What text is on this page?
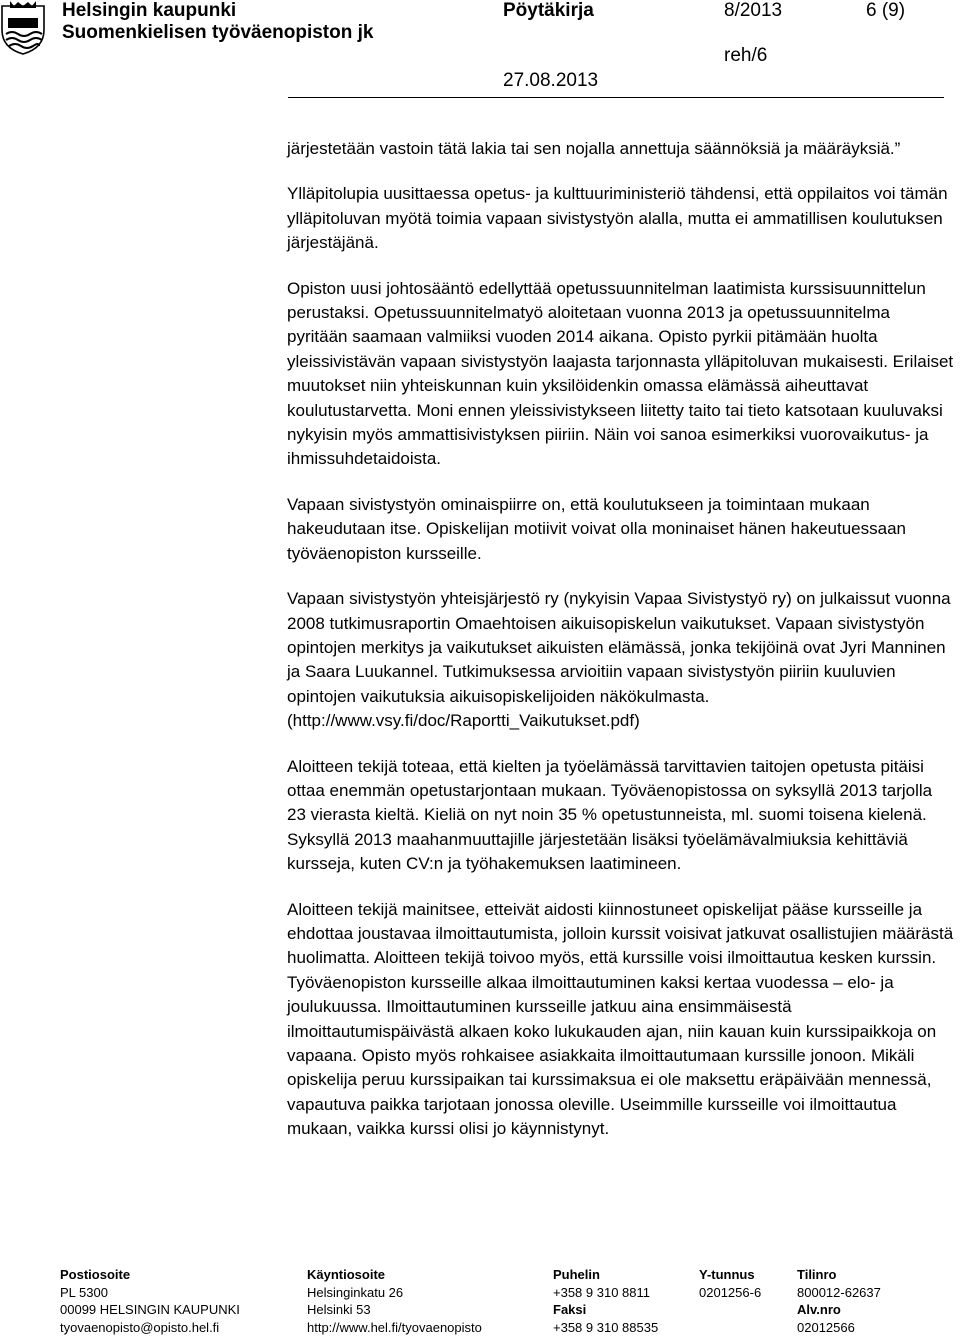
Helsingin kaupunki
Suomenkielisen työväenopiston jk
Pöytäkirja	8/2013	6 (9)
reh/6
27.08.2013

järjestetään vastoin tätä lakia tai sen nojalla annettuja säännöksiä ja määräyksiä.”

Ylläpitolupia uusittaessa opetus- ja kulttuuriministeriö tähdensi, että oppilaitos voi tämän ylläpitoluvan myötä toimia vapaan sivistystyön alalla, mutta ei ammatillisen koulutuksen järjestäjänä.

Opiston uusi johtosääntö edellyttää opetussuunnitelman laatimista kurssisuunnittelun perustaksi. Opetussuunnitelmatyö aloitetaan vuonna 2013 ja opetussuunnitelma pyritään saamaan valmiiksi vuoden 2014 aikana. Opisto pyrkii pitämään huolta yleissivistävän vapaan sivistystyön laajasta tarjonnasta ylläpitoluvan mukaisesti. Erilaiset muutokset niin yhteiskunnan kuin yksilöidenkin omassa elämässä aiheuttavat koulutustarvetta. Moni ennen yleissivistykseen liitetty taito tai tieto katsotaan kuuluvaksi nykyisin myös ammattisivistyksen piiriin. Näin voi sanoa esimerkiksi vuorovaikutus- ja ihmissuhdetaidoista.

Vapaan sivistystyön ominaispiirre on, että koulutukseen ja toimintaan mukaan hakeudutaan itse. Opiskelijan motiivit voivat olla moninaiset hänen hakeutuessaan työväenopiston kursseille.

Vapaan sivistystyön yhteisjärjestö ry (nykyisin Vapaa Sivistystyö ry) on julkaissut vuonna 2008 tutkimusraportin Omaehtoisen aikuisopiskelun vaikutukset. Vapaan sivistystyön opintojen merkitys ja vaikutukset aikuisten elämässä, jonka tekijöinä ovat Jyri Manninen ja Saara Luukannel. Tutkimuksessa arvioitiin vapaan sivistystyön piiriin kuuluvien opintojen vaikutuksia aikuisopiskelijoiden näkökulmasta. (http://www.vsy.fi/doc/Raportti_Vaikutukset.pdf)

Aloitteen tekijä toteaa, että kielten ja työelämässä tarvittavien taitojen opetusta pitäisi ottaa enemmän opetustarjontaan mukaan. Työväenopistossa on syksyllä 2013 tarjolla 23 vierasta kieltä. Kieliä on nyt noin 35 % opetustunneista, ml. suomi toisena kielenä. Syksyllä 2013 maahanmuuttajille järjestetään lisäksi työelämävalmiuksia kehittäviä kursseja, kuten CV:n ja työhakemuksen laatimineen.

Aloitteen tekijä mainitsee, etteivät aidosti kiinnostuneet opiskelijat pääse kursseille ja ehdottaa joustavaa ilmoittautumista, jolloin kurssit voisivat jatkuvat osallistujien määrästä huolimatta. Aloitteen tekijä toivoo myös, että kurssille voisi ilmoittautua kesken kurssin. Työväenopiston kursseille alkaa ilmoittautuminen kaksi kertaa vuodessa – elo- ja joulukuussa. Ilmoittautuminen kursseille jatkuu aina ensimmäisestä ilmoittautumispäivästä alkaen koko lukukauden ajan, niin kauan kuin kurssipaikkoja on vapaana. Opisto myös rohkaisee asiakkaita ilmoittautumaan kurssille jonoon. Mikäli opiskelija peruu kurssipaikan tai kurssimaksua ei ole maksettu eräpäivään mennessä, vapautuva paikka tarjotaan jonossa oleville. Useimmille kursseille voi ilmoittautua mukaan, vaikka kurssi olisi jo käynnistynyt.

Postiosoite
PL 5300
00099 HELSINGIN KAUPUNKI
tyovaenopisto@opisto.hel.fi
Käyntiosoite
Helsinginkatu 26
Helsinki 53
http://www.hel.fi/tyovaenopisto
Puhelin
+358 9 310 8811
Faksi
+358 9 310 88535
Y-tunnus
0201256-6
Tilinro
800012-62637
Alv.nro
02012566
